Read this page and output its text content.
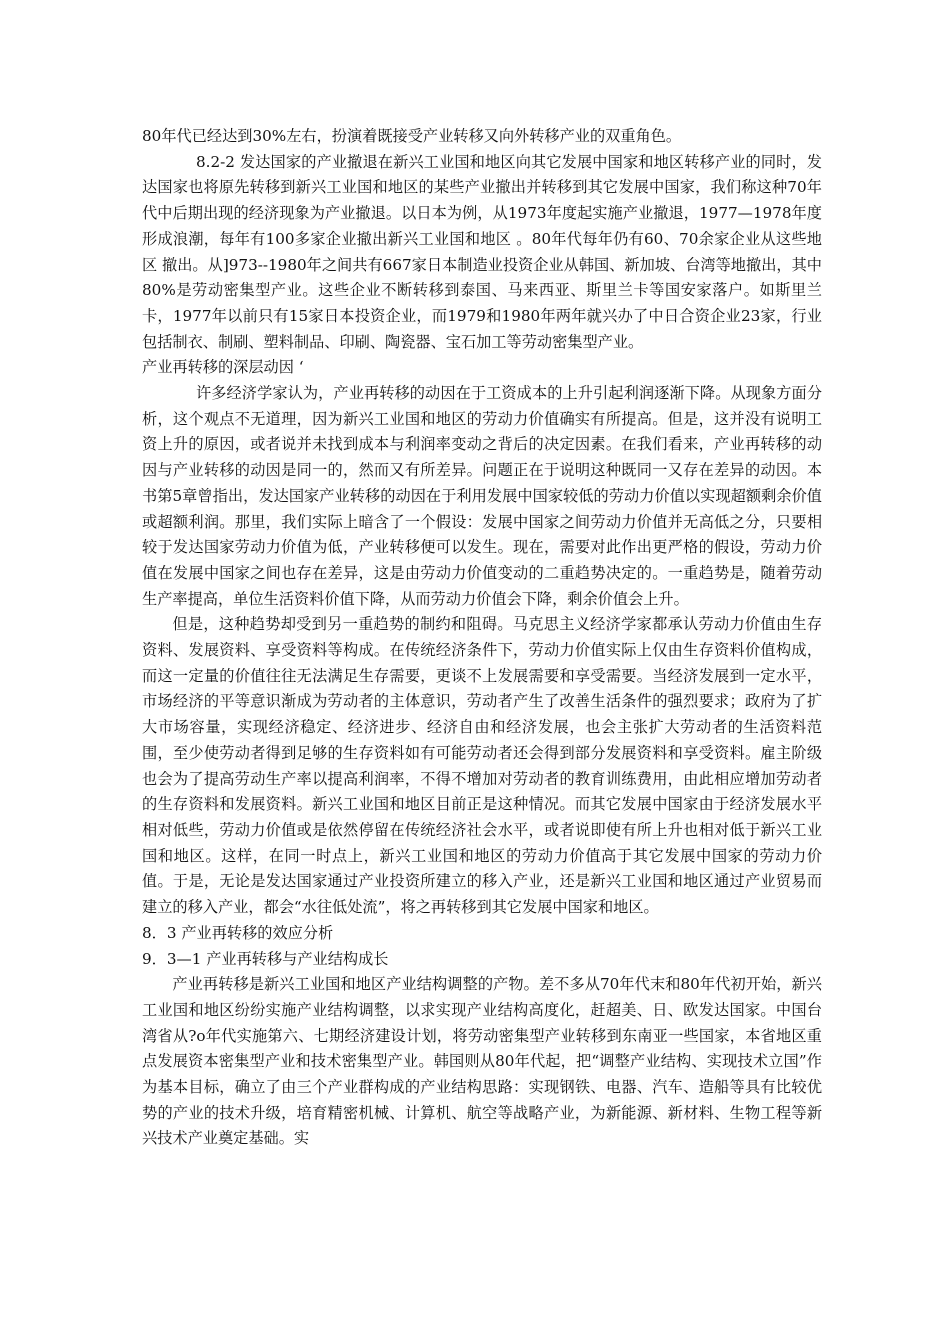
80年代已经达到30%左右，扮演着既接受产业转移又向外转移产业的双重角色。

8.2-2 发达国家的产业撤退在新兴工业国和地区向其它发展中国家和地区转移产业的同时，发达国家也将原先转移到新兴工业国和地区的某些产业撤出并转移到其它发展中国家，我们称这种70年代中后期出现的经济现象为产业撤退。以日本为例，从1973年度起实施产业撤退，1977—1978年度形成浪潮，每年有100多家企业撤出新兴工业国和地区 。80年代每年仍有60、70余家企业从这些地区 撤出。从]973--1980年之间共有667家日本制造业投资企业从韩国、新加坡、台湾等地撤出，其中80%是劳动密集型产业。这些企业不断转移到泰国、马来西亚、斯里兰卡等国安家落户。如斯里兰卡，1977年以前只有15家日本投资企业，而1979和1980年两年就兴办了中日合资企业23家，行业包括制衣、制刷、塑料制品、印刷、陶瓷器、宝石加工等劳动密集型产业。

产业再转移的深层动因 ‘

许多经济学家认为，产业再转移的动因在于工资成本的上升引起利润逐渐下降。从现象方面分析，这个观点不无道理，因为新兴工业国和地区的劳动力价值确实有所提高。但是，这并没有说明工资上升的原因，或者说并未找到成本与利润率变动之背后的决定因素。在我们看来，产业再转移的动因与产业转移的动因是同一的，然而又有所差异。问题正在于说明这种既同一又存在差异的动因。本书第5章曾指出，发达国家产业转移的动因在于利用发展中国家较低的劳动力价值以实现超额剩余价值或超额利润。那里，我们实际上暗含了一个假设：发展中国家之间劳动力价值并无高低之分，只要相较于发达国家劳动力价值为低，产业转移便可以发生。现在，需要对此作出更严格的假设，劳动力价值在发展中国家之间也存在差异，这是由劳动力价值变动的二重趋势决定的。一重趋势是，随着劳动生产率提高，单位生活资料价值下降，从而劳动力价值会下降，剩余价值会上升。

但是，这种趋势却受到另一重趋势的制约和阻碍。马克思主义经济学家都承认劳动力价值由生存资料、发展资料、享受资料等构成。在传统经济条件下，劳动力价值实际上仅由生存资料价值构成，而这一定量的价值往往无法满足生存需要，更谈不上发展需要和享受需要。当经济发展到一定水平，市场经济的平等意识渐成为劳动者的主体意识，劳动者产生了改善生活条件的强烈要求；政府为了扩大市场容量，实现经济稳定、经济进步、经济自由和经济发展，也会主张扩大劳动者的生活资料范围，至少使劳动者得到足够的生存资料如有可能劳动者还会得到部分发展资料和享受资料。雇主阶级也会为了提高劳动生产率以提高利润率，不得不增加对劳动者的教育训练费用，由此相应增加劳动者的生存资料和发展资料。新兴工业国和地区目前正是这种情况。而其它发展中国家由于经济发展水平相对低些，劳动力价值或是依然停留在传统经济社会水平，或者说即使有所上升也相对低于新兴工业国和地区。这样，在同一时点上，新兴工业国和地区的劳动力价值高于其它发展中国家的劳动力价值。于是，无论是发达国家通过产业投资所建立的移入产业，还是新兴工业国和地区通过产业贸易而建立的移入产业，都会“水往低处流”，将之再转移到其它发展中国家和地区。

8．3 产业再转移的效应分析

9．3—1 产业再转移与产业结构成长

产业再转移是新兴工业国和地区产业结构调整的产物。差不多从70年代末和80年代初开始，新兴工业国和地区纷纷实施产业结构调整，以求实现产业结构高度化，赶超美、日、欧发达国家。中国台湾省从?o年代实施第六、七期经济建设计划，将劳动密集型产业转移到东南亚一些国家，本省地区重点发展资本密集型产业和技术密集型产业。韩国则从80年代起，把“调整产业结构、实现技术立国”作为基本目标，确立了由三个产业群构成的产业结构思路：实现钢铁、电器、汽车、造船等具有比较优势的产业的技术升级，培育精密机械、计算机、航空等战略产业，为新能源、新材料、生物工程等新兴技术产业奠定基础。实
